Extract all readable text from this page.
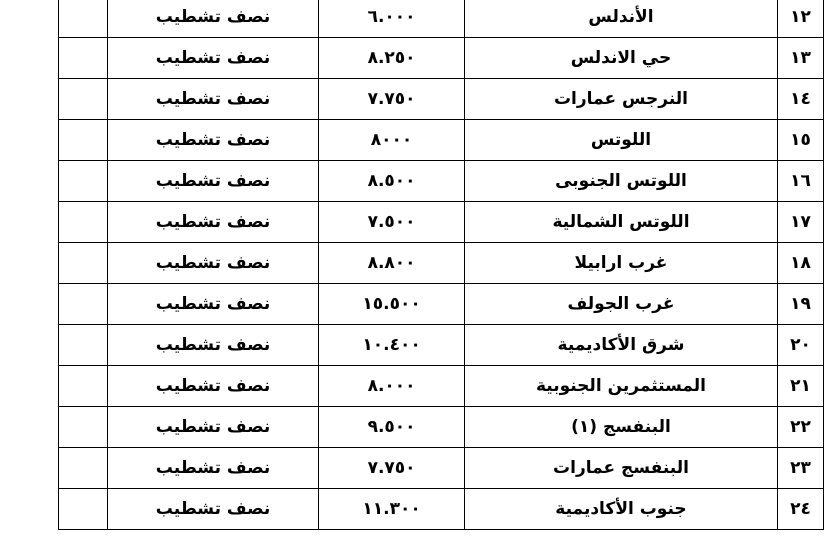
١٢	الأندلس	٦.٠٠٠	نصف تشطيب	
١٣	حي الاندلس	٨.٢٥٠	نصف تشطيب	
١٤	النرجس عمارات	٧.٧٥٠	نصف تشطيب	
١٥	اللوتس	٨٠٠٠	نصف تشطيب	
١٦	اللوتس الجنوبى	٨.٥٠٠	نصف تشطيب	
١٧	اللوتس الشمالية	٧.٥٠٠	نصف تشطيب	
١٨	غرب ارابيلا	٨.٨٠٠	نصف تشطيب	
١٩	غرب الجولف	١٥.٥٠٠	نصف تشطيب	
٢٠	شرق الأكاديمية	١٠.٤٠٠	نصف تشطيب	
٢١	المستثمرين الجنوبية	٨.٠٠٠	نصف تشطيب	
٢٢	البنفسج (١)	٩.٥٠٠	نصف تشطيب	
٢٣	البنفسج عمارات	٧.٧٥٠	نصف تشطيب	
٢٤	جنوب الأكاديمية	١١.٣٠٠	نصف تشطيب	
